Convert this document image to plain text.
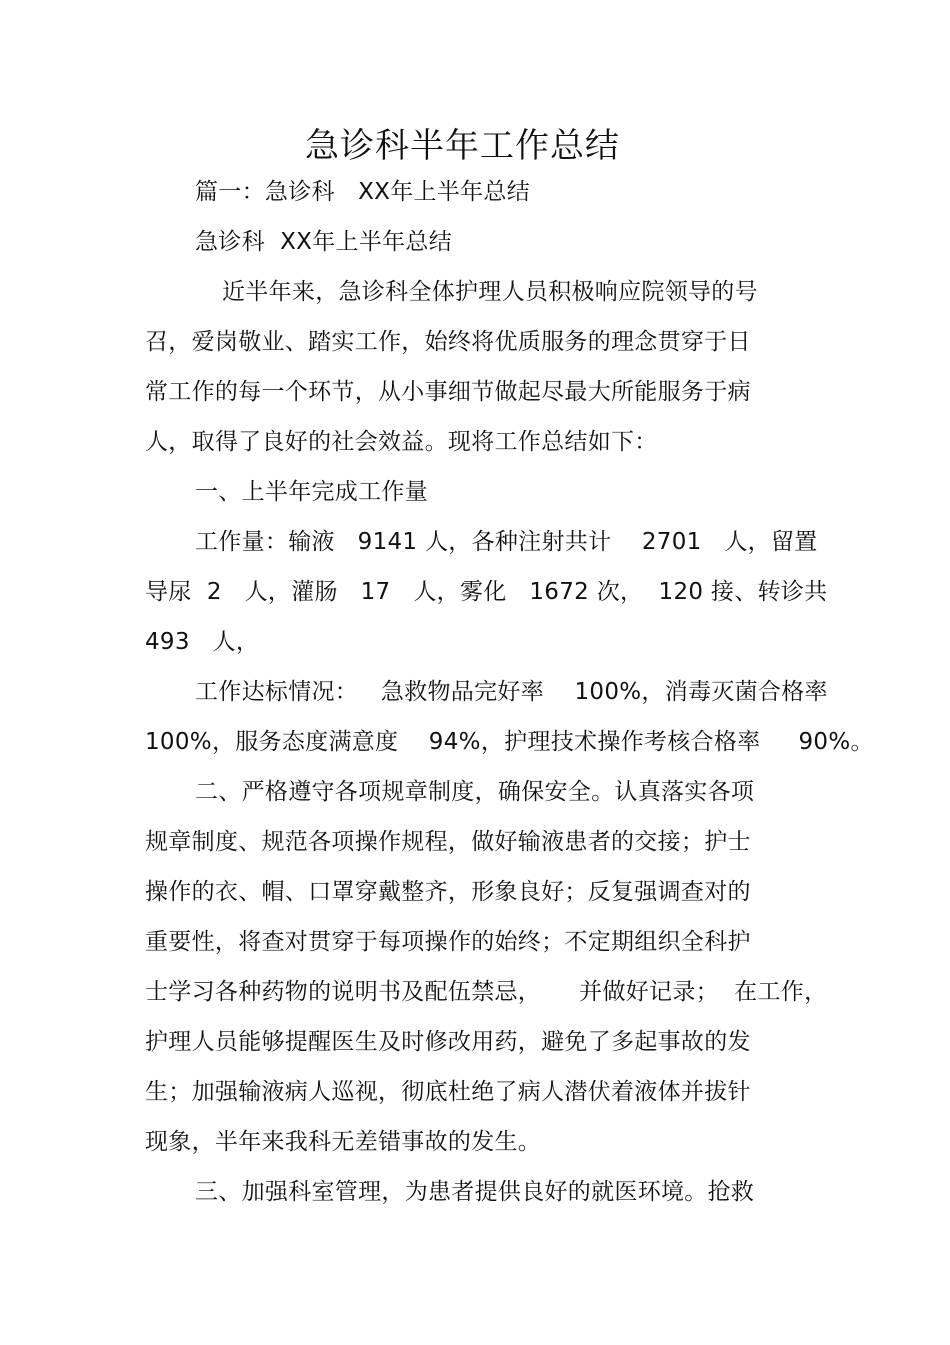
急诊科半年工作总结
篇一：急诊科　XX年上半年总结
急诊科  XX年上半年总结
近半年来，急诊科全体护理人员积极响应院领导的号
召，爱岗敬业、踏实工作，始终将优质服务的理念贯穿于日
常工作的每一个环节，从小事细节做起尽最大所能服务于病
人，取得了良好的社会效益。现将工作总结如下：
一、上半年完成工作量
工作量：输液   9141 人，各种注射共计    2701   人，留置
导尿  2   人，灌肠   17   人，雾化   1672 次，  120 接、转诊共
493   人，
工作达标情况：   急救物品完好率    100%，消毒灭菌合格率
100%，服务态度满意度    94%，护理技术操作考核合格率     90%。
二、严格遵守各项规章制度，确保安全。认真落实各项
规章制度、规范各项操作规程，做好输液患者的交接；护士
操作的衣、帽、口罩穿戴整齐，形象良好；反复强调查对的
重要性，将查对贯穿于每项操作的始终；不定期组织全科护
士学习各种药物的说明书及配伍禁忌，     并做好记录；  在工作，
护理人员能够提醒医生及时修改用药，避免了多起事故的发
生；加强输液病人巡视，彻底杜绝了病人潜伏着液体并拔针
现象，半年来我科无差错事故的发生。
三、加强科室管理，为患者提供良好的就医环境。抢救
